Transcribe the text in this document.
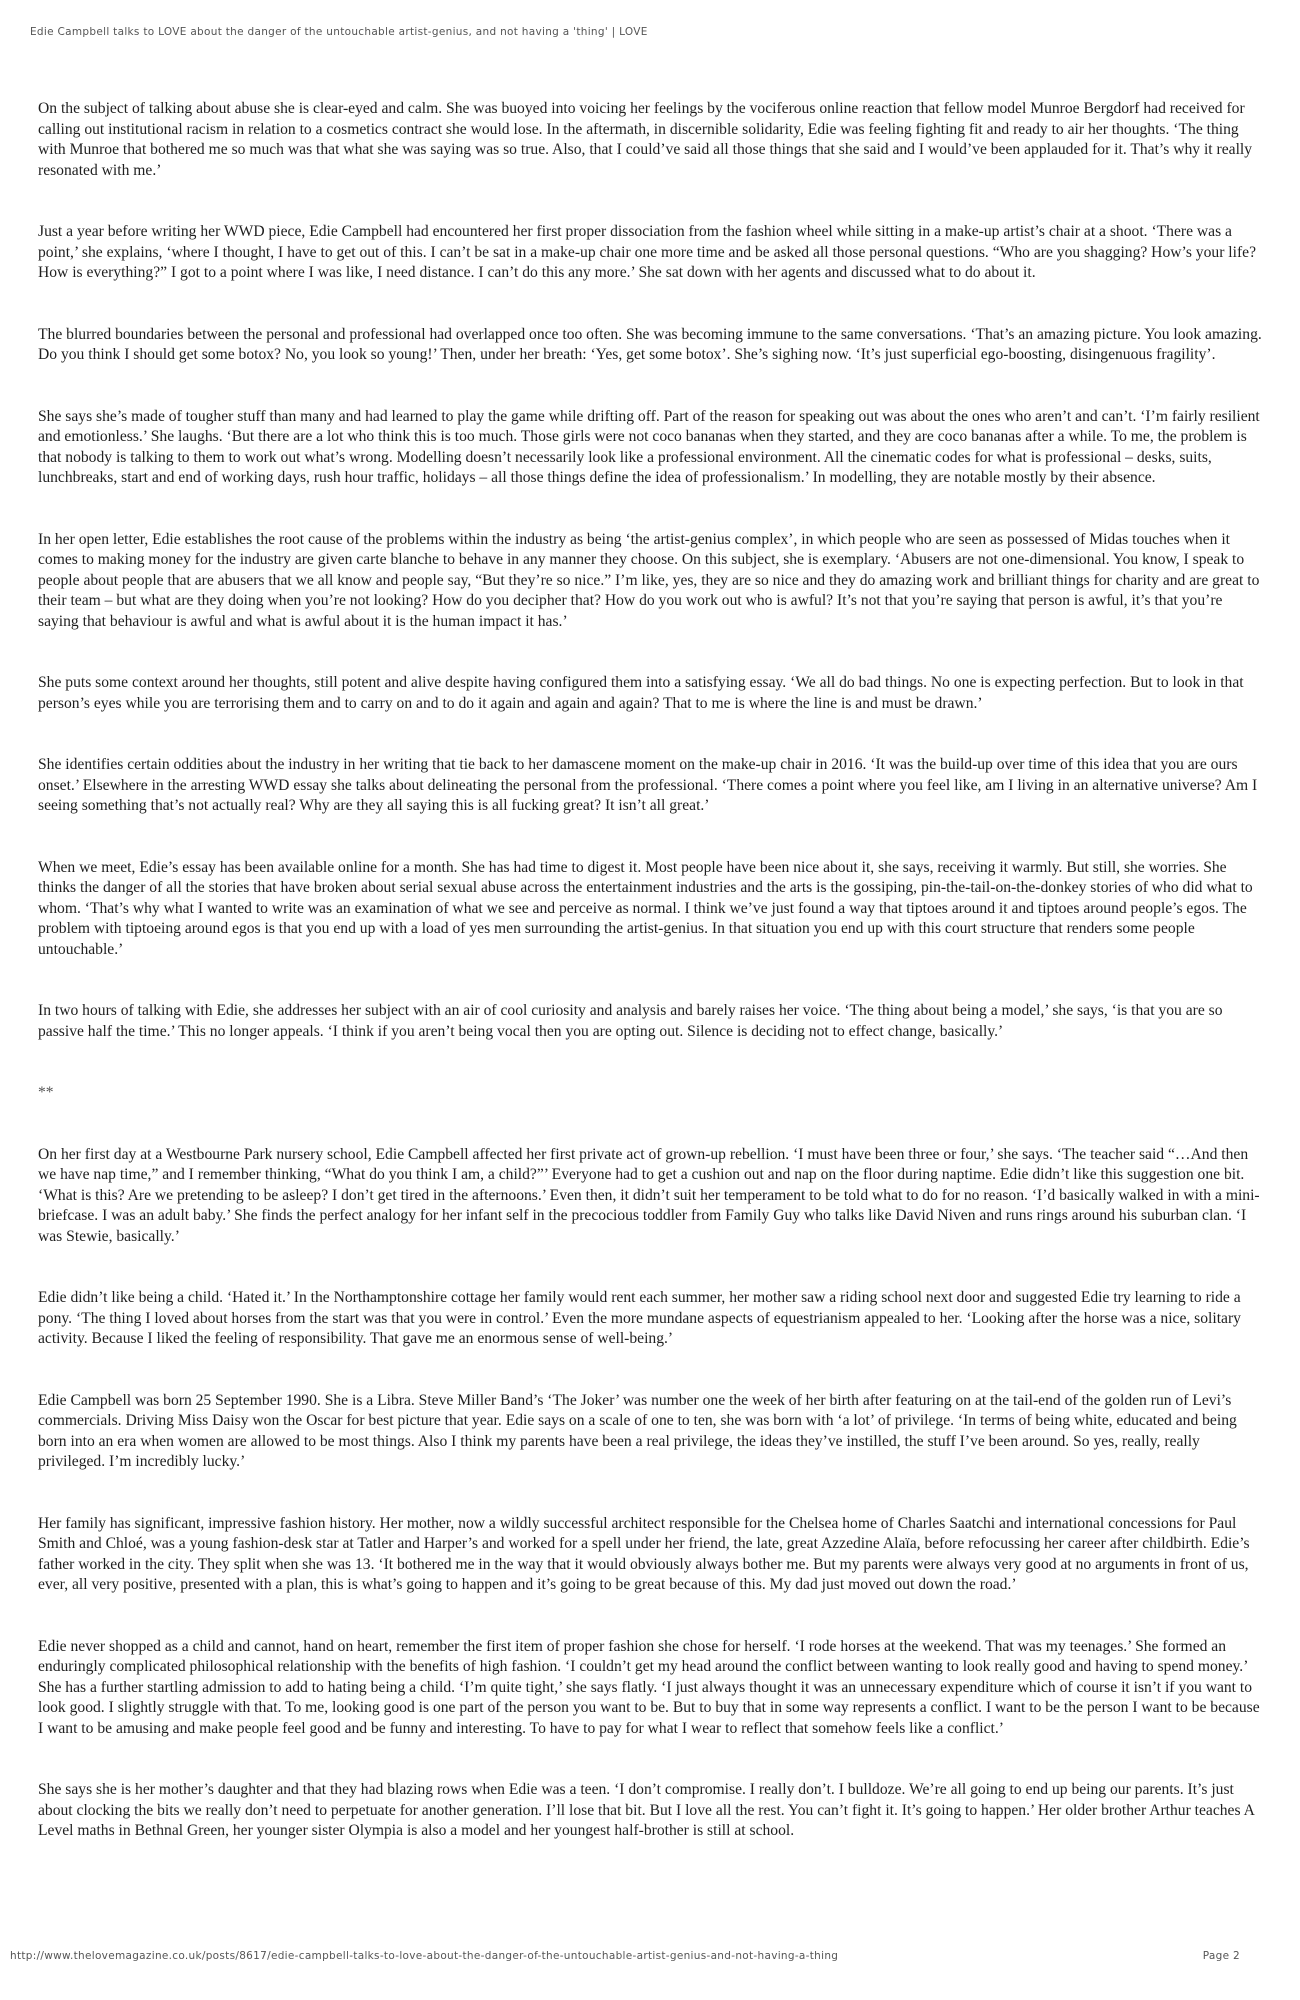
Edie Campbell talks to LOVE about the danger of the untouchable artist-genius, and not having a 'thing' | LOVE

On the subject of talking about abuse she is clear-eyed and calm. She was buoyed into voicing her feelings by the vociferous online reaction that fellow model Munroe Bergdorf had received for calling out institutional racism in relation to a cosmetics contract she would lose. In the aftermath, in discernible solidarity, Edie was feeling fighting fit and ready to air her thoughts. ‘The thing with Munroe that bothered me so much was that what she was saying was so true. Also, that I could’ve said all those things that she said and I would’ve been applauded for it. That’s why it really resonated with me.’

Just a year before writing her WWD piece, Edie Campbell had encountered her first proper dissociation from the fashion wheel while sitting in a make-up artist’s chair at a shoot. ‘There was a point,’ she explains, ‘where I thought, I have to get out of this. I can’t be sat in a make-up chair one more time and be asked all those personal questions. “Who are you shagging? How’s your life? How is everything?” I got to a point where I was like, I need distance. I can’t do this any more.’ She sat down with her agents and discussed what to do about it.

The blurred boundaries between the personal and professional had overlapped once too often. She was becoming immune to the same conversations. ‘That’s an amazing picture. You look amazing. Do you think I should get some botox? No, you look so young!’ Then, under her breath: ‘Yes, get some botox’. She’s sighing now. ‘It’s just superficial ego-boosting, disingenuous fragility’.

She says she’s made of tougher stuff than many and had learned to play the game while drifting off. Part of the reason for speaking out was about the ones who aren’t and can’t. ‘I’m fairly resilient and emotionless.’ She laughs. ‘But there are a lot who think this is too much. Those girls were not coco bananas when they started, and they are coco bananas after a while. To me, the problem is that nobody is talking to them to work out what’s wrong. Modelling doesn’t necessarily look like a professional environment. All the cinematic codes for what is professional – desks, suits, lunchbreaks, start and end of working days, rush hour traffic, holidays – all those things define the idea of professionalism.’ In modelling, they are notable mostly by their absence.

In her open letter, Edie establishes the root cause of the problems within the industry as being ‘the artist-genius complex’, in which people who are seen as possessed of Midas touches when it comes to making money for the industry are given carte blanche to behave in any manner they choose. On this subject, she is exemplary. ‘Abusers are not one-dimensional. You know, I speak to people about people that are abusers that we all know and people say, “But they’re so nice.” I’m like, yes, they are so nice and they do amazing work and brilliant things for charity and are great to their team – but what are they doing when you’re not looking? How do you decipher that? How do you work out who is awful? It’s not that you’re saying that person is awful, it’s that you’re saying that behaviour is awful and what is awful about it is the human impact it has.’

She puts some context around her thoughts, still potent and alive despite having configured them into a satisfying essay. ‘We all do bad things. No one is expecting perfection. But to look in that person’s eyes while you are terrorising them and to carry on and to do it again and again and again? That to me is where the line is and must be drawn.’

She identifies certain oddities about the industry in her writing that tie back to her damascene moment on the make-up chair in 2016. ‘It was the build-up over time of this idea that you are ours onset.’ Elsewhere in the arresting WWD essay she talks about delineating the personal from the professional. ‘There comes a point where you feel like, am I living in an alternative universe? Am I seeing something that’s not actually real? Why are they all saying this is all fucking great? It isn’t all great.’

When we meet, Edie’s essay has been available online for a month. She has had time to digest it. Most people have been nice about it, she says, receiving it warmly. But still, she worries. She thinks the danger of all the stories that have broken about serial sexual abuse across the entertainment industries and the arts is the gossiping, pin-the-tail-on-the-donkey stories of who did what to whom. ‘That’s why what I wanted to write was an examination of what we see and perceive as normal. I think we’ve just found a way that tiptoes around it and tiptoes around people’s egos. The problem with tiptoeing around egos is that you end up with a load of yes men surrounding the artist-genius. In that situation you end up with this court structure that renders some people untouchable.’

In two hours of talking with Edie, she addresses her subject with an air of cool curiosity and analysis and barely raises her voice. ‘The thing about being a model,’ she says, ‘is that you are so passive half the time.’ This no longer appeals. ‘I think if you aren’t being vocal then you are opting out. Silence is deciding not to effect change, basically.’

**

On her first day at a Westbourne Park nursery school, Edie Campbell affected her first private act of grown-up rebellion. ‘I must have been three or four,’ she says. ‘The teacher said “…And then we have nap time,” and I remember thinking, “What do you think I am, a child?”’ Everyone had to get a cushion out and nap on the floor during naptime. Edie didn’t like this suggestion one bit. ‘What is this? Are we pretending to be asleep? I don’t get tired in the afternoons.’ Even then, it didn’t suit her temperament to be told what to do for no reason. ‘I’d basically walked in with a mini-briefcase. I was an adult baby.’ She finds the perfect analogy for her infant self in the precocious toddler from Family Guy who talks like David Niven and runs rings around his suburban clan. ‘I was Stewie, basically.’

Edie didn’t like being a child. ‘Hated it.’ In the Northamptonshire cottage her family would rent each summer, her mother saw a riding school next door and suggested Edie try learning to ride a pony. ‘The thing I loved about horses from the start was that you were in control.’ Even the more mundane aspects of equestrianism appealed to her. ‘Looking after the horse was a nice, solitary activity. Because I liked the feeling of responsibility. That gave me an enormous sense of well-being.’

Edie Campbell was born 25 September 1990. She is a Libra. Steve Miller Band’s ‘The Joker’ was number one the week of her birth after featuring on at the tail-end of the golden run of Levi’s commercials. Driving Miss Daisy won the Oscar for best picture that year. Edie says on a scale of one to ten, she was born with ‘a lot’ of privilege. ‘In terms of being white, educated and being born into an era when women are allowed to be most things. Also I think my parents have been a real privilege, the ideas they’ve instilled, the stuff I’ve been around. So yes, really, really privileged. I’m incredibly lucky.’

Her family has significant, impressive fashion history. Her mother, now a wildly successful architect responsible for the Chelsea home of Charles Saatchi and international concessions for Paul Smith and Chloé, was a young fashion-desk star at Tatler and Harper’s and worked for a spell under her friend, the late, great Azzedine Alaïa, before refocussing her career after childbirth. Edie’s father worked in the city. They split when she was 13. ‘It bothered me in the way that it would obviously always bother me. But my parents were always very good at no arguments in front of us, ever, all very positive, presented with a plan, this is what’s going to happen and it’s going to be great because of this. My dad just moved out down the road.’

Edie never shopped as a child and cannot, hand on heart, remember the first item of proper fashion she chose for herself. ‘I rode horses at the weekend. That was my teenages.’ She formed an enduringly complicated philosophical relationship with the benefits of high fashion. ‘I couldn’t get my head around the conflict between wanting to look really good and having to spend money.’ She has a further startling admission to add to hating being a child. ‘I’m quite tight,’ she says flatly. ‘I just always thought it was an unnecessary expenditure which of course it isn’t if you want to look good. I slightly struggle with that. To me, looking good is one part of the person you want to be. But to buy that in some way represents a conflict. I want to be the person I want to be because I want to be amusing and make people feel good and be funny and interesting. To have to pay for what I wear to reflect that somehow feels like a conflict.’

She says she is her mother’s daughter and that they had blazing rows when Edie was a teen. ‘I don’t compromise. I really don’t. I bulldoze. We’re all going to end up being our parents. It’s just about clocking the bits we really don’t need to perpetuate for another generation. I’ll lose that bit. But I love all the rest. You can’t fight it. It’s going to happen.’ Her older brother Arthur teaches A Level maths in Bethnal Green, her younger sister Olympia is also a model and her youngest half-brother is still at school.

http://www.thelovemagazine.co.uk/posts/8617/edie-campbell-talks-to-love-about-the-danger-of-the-untouchable-artist-genius-and-not-having-a-thing	Page 2
